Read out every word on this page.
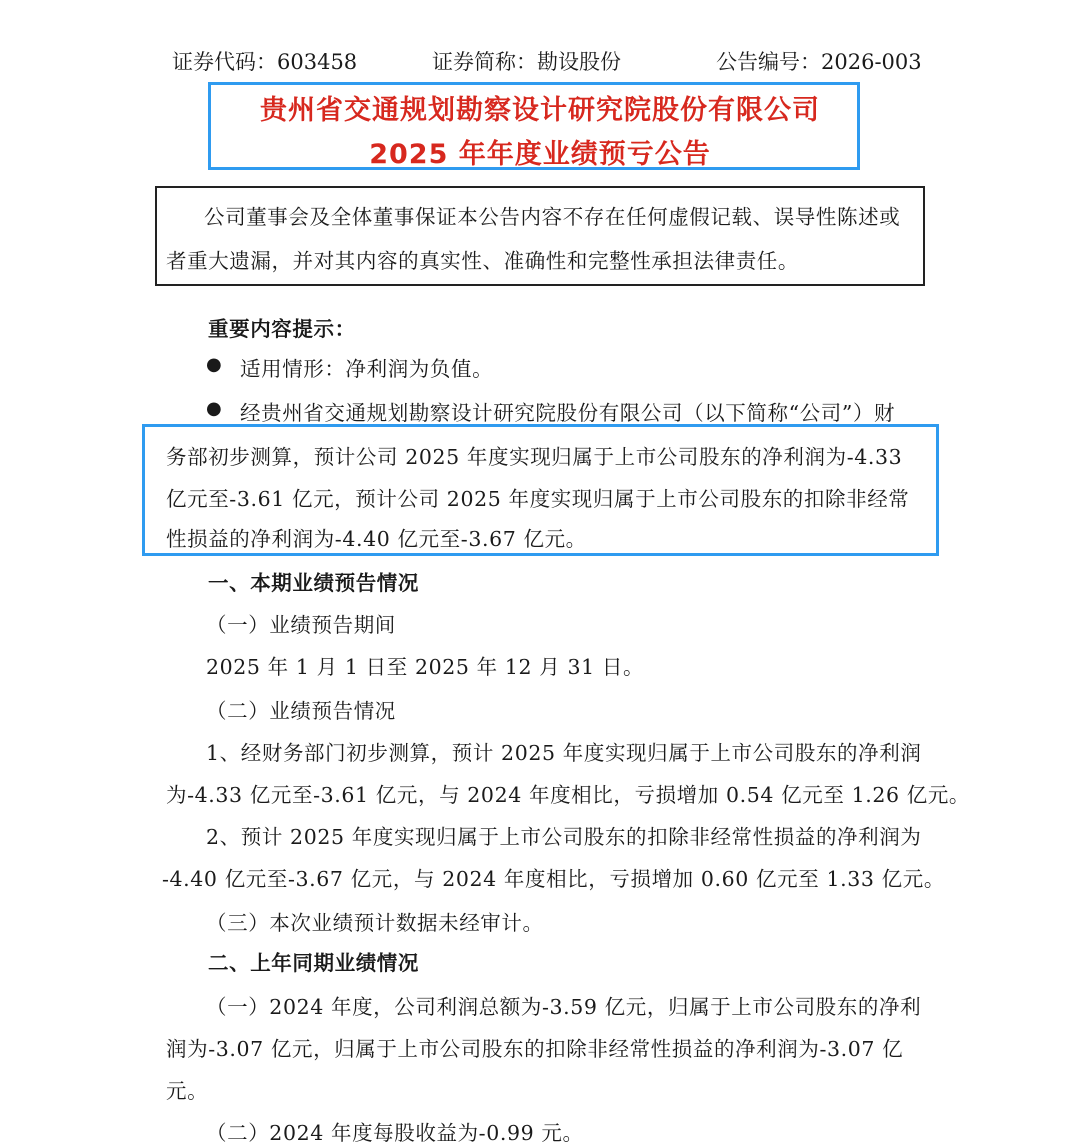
证券代码：603458	证券简称：勘设股份	公告编号：2026-003
贵州省交通规划勘察设计研究院股份有限公司
2025 年年度业绩预亏公告
公司董事会及全体董事保证本公告内容不存在任何虚假记载、误导性陈述或
者重大遗漏，并对其内容的真实性、准确性和完整性承担法律责任。
重要内容提示：
● 适用情形：净利润为负值。
● 经贵州省交通规划勘察设计研究院股份有限公司（以下简称“公司”）财
务部初步测算，预计公司 2025 年度实现归属于上市公司股东的净利润为-4.33
亿元至-3.61 亿元，预计公司 2025 年度实现归属于上市公司股东的扣除非经常
性损益的净利润为-4.40 亿元至-3.67 亿元。
一、本期业绩预告情况
（一）业绩预告期间
2025 年 1 月 1 日至 2025 年 12 月 31 日。
（二）业绩预告情况
1、经财务部门初步测算，预计 2025 年度实现归属于上市公司股东的净利润
为-4.33 亿元至-3.61 亿元，与 2024 年度相比，亏损增加 0.54 亿元至 1.26 亿元。
2、预计 2025 年度实现归属于上市公司股东的扣除非经常性损益的净利润为
-4.40 亿元至-3.67 亿元，与 2024 年度相比，亏损增加 0.60 亿元至 1.33 亿元。
（三）本次业绩预计数据未经审计。
二、上年同期业绩情况
（一）2024 年度，公司利润总额为-3.59 亿元，归属于上市公司股东的净利
润为-3.07 亿元，归属于上市公司股东的扣除非经常性损益的净利润为-3.07 亿
元。
（二）2024 年度每股收益为-0.99 元。
